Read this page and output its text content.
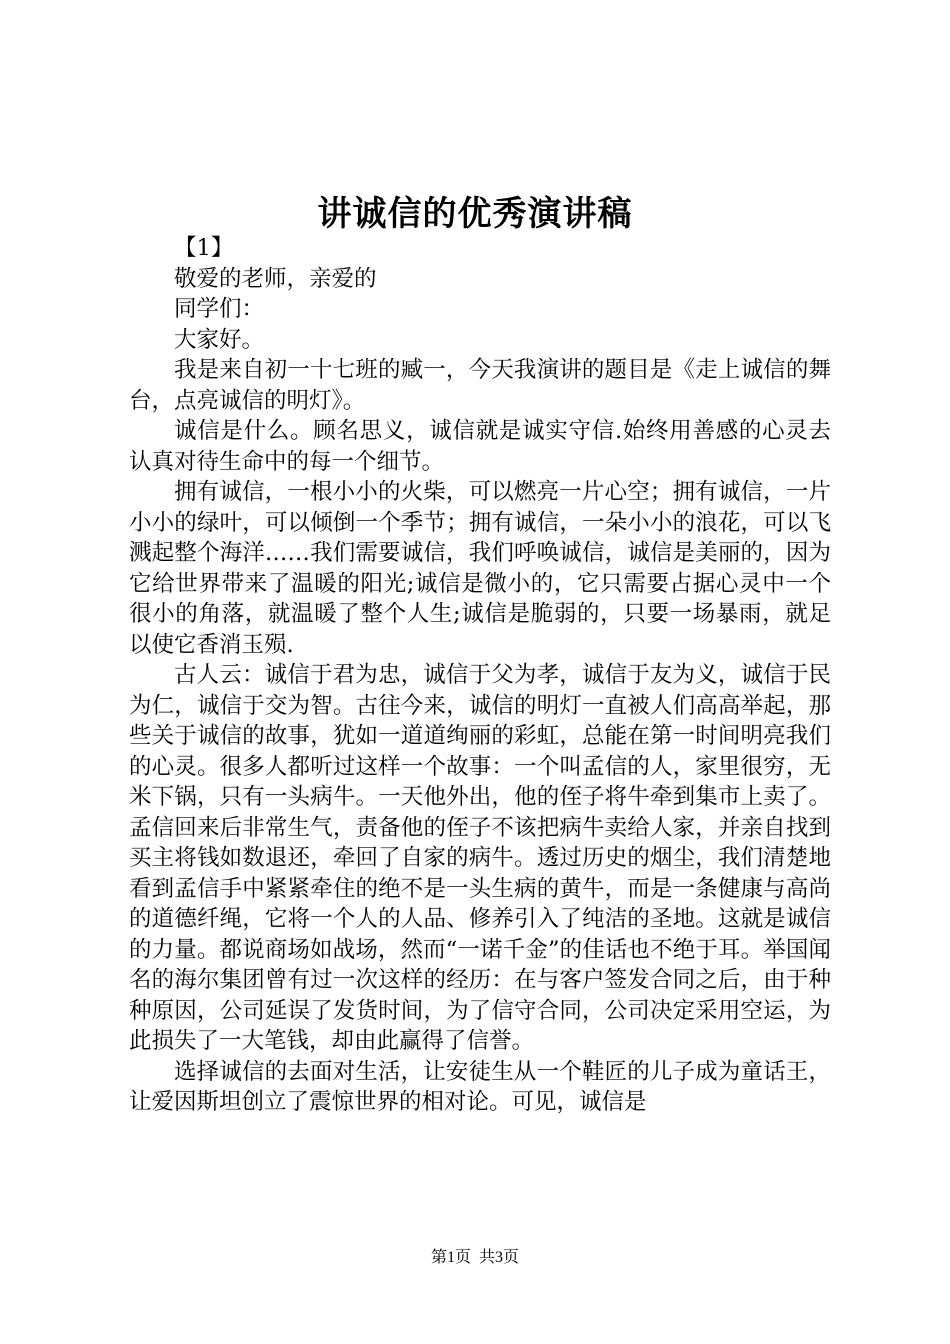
讲诚信的优秀演讲稿

【1】

敬爱的老师，亲爱的

同学们：

大家好。

我是来自初一十七班的臧一，今天我演讲的题目是《走上诚信的舞台，点亮诚信的明灯》。

诚信是什么。顾名思义，诚信就是诚实守信.始终用善感的心灵去认真对待生命中的每一个细节。

拥有诚信，一根小小的火柴，可以燃亮一片心空；拥有诚信，一片小小的绿叶，可以倾倒一个季节；拥有诚信，一朵小小的浪花，可以飞溅起整个海洋……我们需要诚信，我们呼唤诚信，诚信是美丽的，因为它给世界带来了温暖的阳光;诚信是微小的，它只需要占据心灵中一个很小的角落，就温暖了整个人生;诚信是脆弱的，只要一场暴雨，就足以使它香消玉殒.

古人云：诚信于君为忠，诚信于父为孝，诚信于友为义，诚信于民为仁，诚信于交为智。古往今来，诚信的明灯一直被人们高高举起，那些关于诚信的故事，犹如一道道绚丽的彩虹，总能在第一时间明亮我们的心灵。很多人都听过这样一个故事：一个叫孟信的人，家里很穷，无米下锅，只有一头病牛。一天他外出，他的侄子将牛牵到集市上卖了。孟信回来后非常生气，责备他的侄子不该把病牛卖给人家，并亲自找到买主将钱如数退还，牵回了自家的病牛。透过历史的烟尘，我们清楚地看到孟信手中紧紧牵住的绝不是一头生病的黄牛，而是一条健康与高尚的道德纤绳，它将一个人的人品、修养引入了纯洁的圣地。这就是诚信的力量。都说商场如战场，然而“一诺千金”的佳话也不绝于耳。举国闻名的海尔集团曾有过一次这样的经历：在与客户签发合同之后，由于种种原因，公司延误了发货时间，为了信守合同，公司决定采用空运，为此损失了一大笔钱，却由此赢得了信誉。

选择诚信的去面对生活，让安徒生从一个鞋匠的儿子成为童话王，让爱因斯坦创立了震惊世界的相对论。可见，诚信是

第1页 共3页
